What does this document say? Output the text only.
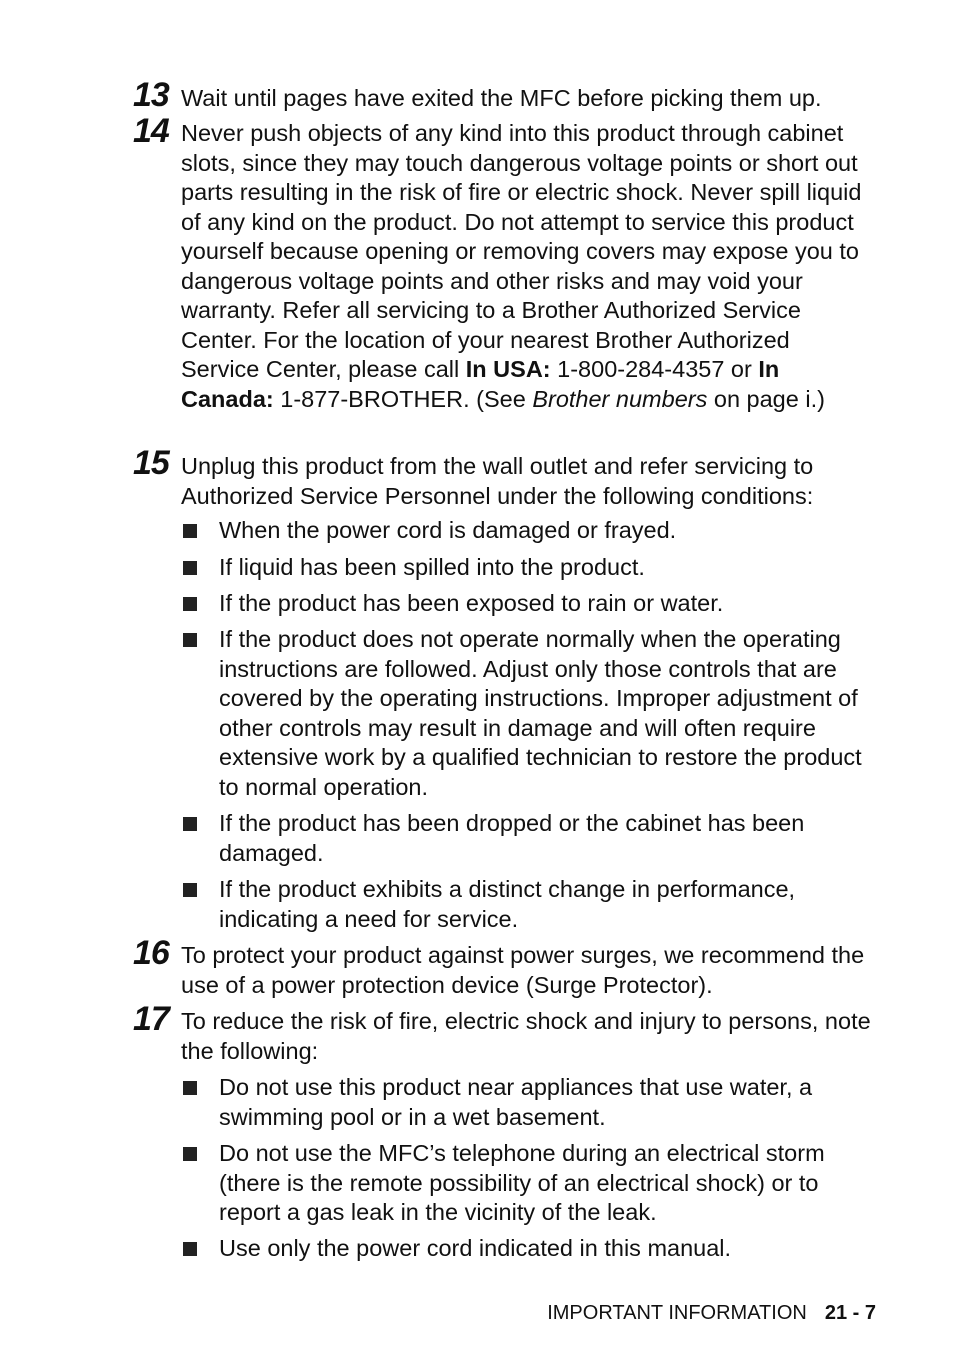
13 Wait until pages have exited the MFC before picking them up.
14 Never push objects of any kind into this product through cabinet slots, since they may touch dangerous voltage points or short out parts resulting in the risk of fire or electric shock. Never spill liquid of any kind on the product. Do not attempt to service this product yourself because opening or removing covers may expose you to dangerous voltage points and other risks and may void your warranty. Refer all servicing to a Brother Authorized Service Center. For the location of your nearest Brother Authorized Service Center, please call In USA: 1-800-284-4357 or In Canada: 1-877-BROTHER. (See Brother numbers on page i.)
15 Unplug this product from the wall outlet and refer servicing to Authorized Service Personnel under the following conditions:
When the power cord is damaged or frayed.
If liquid has been spilled into the product.
If the product has been exposed to rain or water.
If the product does not operate normally when the operating instructions are followed. Adjust only those controls that are covered by the operating instructions. Improper adjustment of other controls may result in damage and will often require extensive work by a qualified technician to restore the product to normal operation.
If the product has been dropped or the cabinet has been damaged.
If the product exhibits a distinct change in performance, indicating a need for service.
16 To protect your product against power surges, we recommend the use of a power protection device (Surge Protector).
17 To reduce the risk of fire, electric shock and injury to persons, note the following:
Do not use this product near appliances that use water, a swimming pool or in a wet basement.
Do not use the MFC’s telephone during an electrical storm (there is the remote possibility of an electrical shock) or to report a gas leak in the vicinity of the leak.
Use only the power cord indicated in this manual.
IMPORTANT INFORMATION 21 - 7
